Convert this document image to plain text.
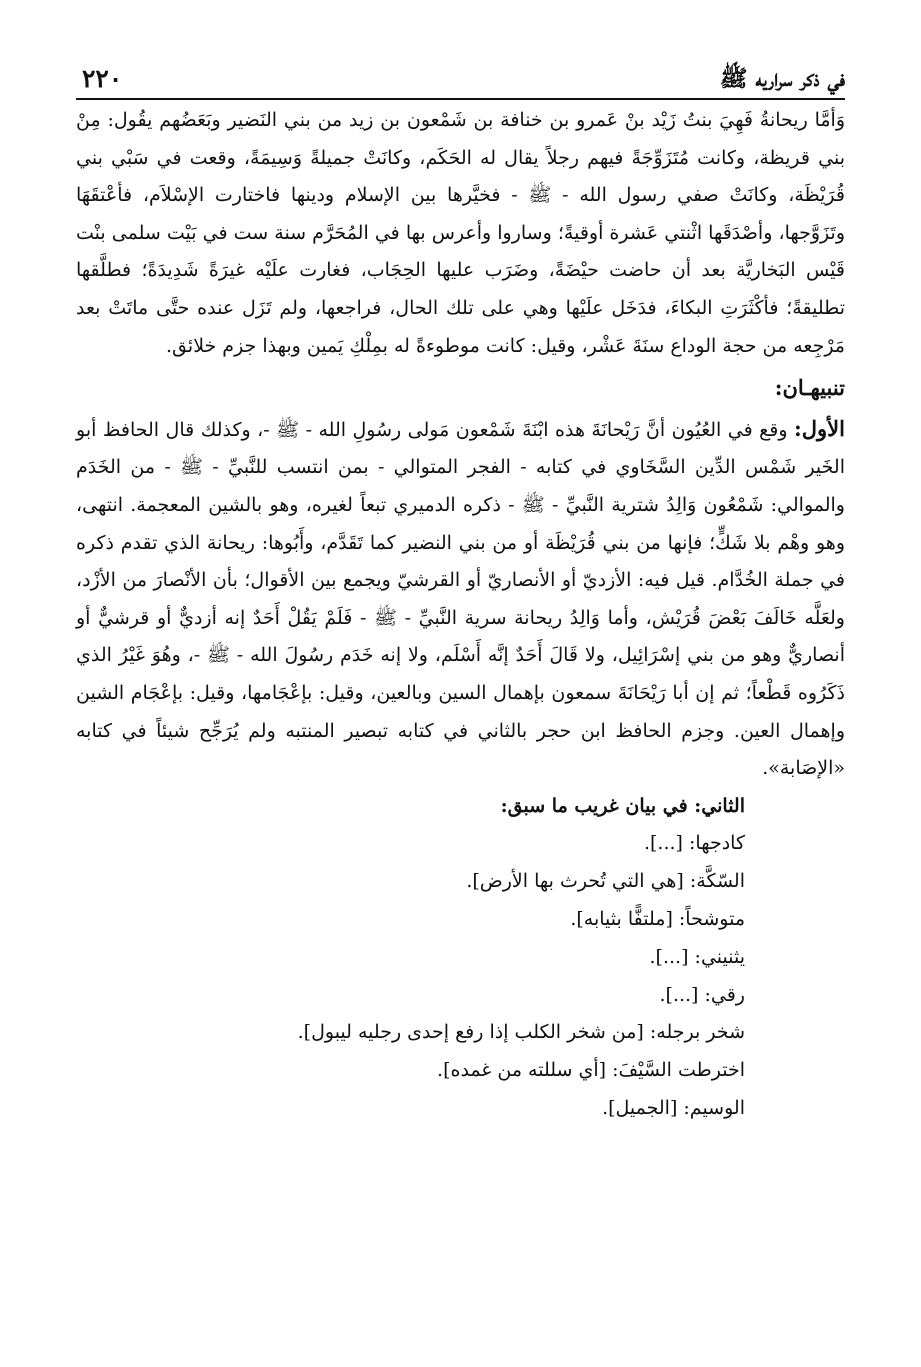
في ذكر سراريه ﷺ
٢٢٠

وَأمَّا ريحانةُ فَهِيَ بنتُ زَيْد بنْ عَمرو بن خنافة بن شَمْعون بن زيد من بني النَضير وبَعَضُهم يقُول: مِنْ بني قريظة، وكانت مُتَزَوِّجَةً فيهم رجلاً يقال له الحَكَم، وكانَتْ جميلةً وَسِيمَةً، وقعت في سَبْي بني قُرَيْظَة، وكانَتْ صفي رسول الله - ﷺ - فخيَّرها بين الإسلام ودينها فاختارت الإسْلاَم، فأعْتقَهَا وتَزَوَّجها، وأصْدَقَها اثْنتي عَشرة أوقيةً؛ وساروا وأعرس بها في المُحَرَّم سنة ست في بَيْت سلمى بنْت قَيْس البَخاريَّة بعد أن حاضت حيْضَةً، وضَرَب عليها الحِجَاب، فغارت علَيْه غيرَةً شَدِيدَةً؛ فطلَّقها تطليقةً؛ فأكْثَرَتِ البكاءَ، فدَخَل علَيْها وهي على تلك الحال، فراجعها، ولم تَزَل عنده حتَّى ماتَتْ بعد مَرْجِعه من حجة الوداع سنَةَ عَشْر، وقيل: كانت موطوءةً له بمِلْكِ يَمين وبهذا جزم خلائق.

تنبيهـان:

الأول: وقع في العُيُون أنَّ رَيْحانَةَ هذه ابْنَةَ شَمْعون مَولى رسُولِ الله - ﷺ -، وكذلك قال الحافظ أبو الخَير شَمْس الدِّين السَّخَاوي في كتابه - الفجر المتوالي - بمن انتسب للنَّبيِّ - ﷺ - من الخَدَم والموالي: شَمْعُون وَالِدُ شترية النَّبيِّ - ﷺ - ذكره الدميري تبعاً لغيره، وهو بالشين المعجمة. انتهى، وهو وهْم بلا شَكٍّ؛ فإنها من بني قُرَيْظَة أو من بني النضير كما تَقَدَّم، وأَبُوها: ريحانة الذي تقدم ذكره في جملة الخُدَّام. قيل فيه: الأزديّ أو الأنصاريّ أو القرشيّ ويجمع بين الأقوال؛ بأن الأنْصارَ من الأزْد، ولعَلَّه خَالَفَ بَعْضَ قُرَيْش، وأما وَالِدُ ريحانة سرية النَّبيِّ - ﷺ - فَلَمْ يَقُلْ أَحَدٌ إنه أزديٌّ أو قرشيٌّ أو أنصاريٌّ وهو من بني إسْرَائِيل، ولا قَالَ أَحَدٌ إنَّه أَسْلَم، ولا إنه خَدَم رسُولَ الله - ﷺ -، وهُوَ غَيْرُ الذي ذَكَرُوه قَطْعاً؛ ثم إن أبا رَيْحَانَةَ سمعون بإهمال السين وبالعين، وقيل: بإعْجَامها، وقيل: بإعْجَام الشين وإهمال العين. وجزم الحافظ ابن حجر بالثاني في كتابه تبصير المنتبه ولم يُرَجِّح شيئاً في كتابه «الإصَابة».

الثاني: في بيان غريب ما سبق:
كادجها: [...].
السّكَّة: [هي التي تُحرث بها الأرض].
متوشحاً: [ملتفًّا بثيابه].
يثنيني: [...].
رقي: [...].
شخر برجله: [من شخر الكلب إذا رفع إحدى رجليه ليبول].
اخترطت السَّيْفَ: [أي سللته من غمده].
الوسيم: [الجميل].
